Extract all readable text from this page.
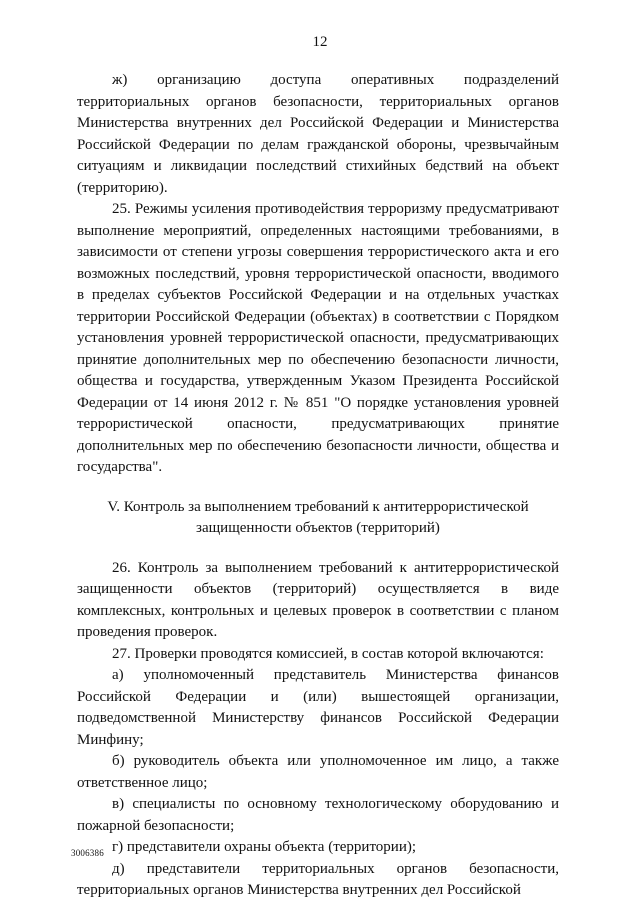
12

ж) организацию доступа оперативных подразделений территориальных органов безопасности, территориальных органов Министерства внутренних дел Российской Федерации и Министерства Российской Федерации по делам гражданской обороны, чрезвычайным ситуациям и ликвидации последствий стихийных бедствий на объект (территорию).

25. Режимы усиления противодействия терроризму предусматривают выполнение мероприятий, определенных настоящими требованиями, в зависимости от степени угрозы совершения террористического акта и его возможных последствий, уровня террористической опасности, вводимого в пределах субъектов Российской Федерации и на отдельных участках территории Российской Федерации (объектах) в соответствии с Порядком установления уровней террористической опасности, предусматривающих принятие дополнительных мер по обеспечению безопасности личности, общества и государства, утвержденным Указом Президента Российской Федерации от 14 июня 2012 г. № 851 "О порядке установления уровней террористической опасности, предусматривающих принятие дополнительных мер по обеспечению безопасности личности, общества и государства".

V. Контроль за выполнением требований к антитеррористической
защищенности объектов (территорий)

26. Контроль за выполнением требований к антитеррористической защищенности объектов (территорий) осуществляется в виде комплексных, контрольных и целевых проверок в соответствии с планом проведения проверок.

27. Проверки проводятся комиссией, в состав которой включаются:

а) уполномоченный представитель Министерства финансов Российской Федерации и (или) вышестоящей организации, подведомственной Министерству финансов Российской Федерации Минфину;

б) руководитель объекта или уполномоченное им лицо, а также ответственное лицо;

в) специалисты по основному технологическому оборудованию и пожарной безопасности;

г) представители охраны объекта (территории);

д) представители территориальных органов безопасности, территориальных органов Министерства внутренних дел Российской

3006386
